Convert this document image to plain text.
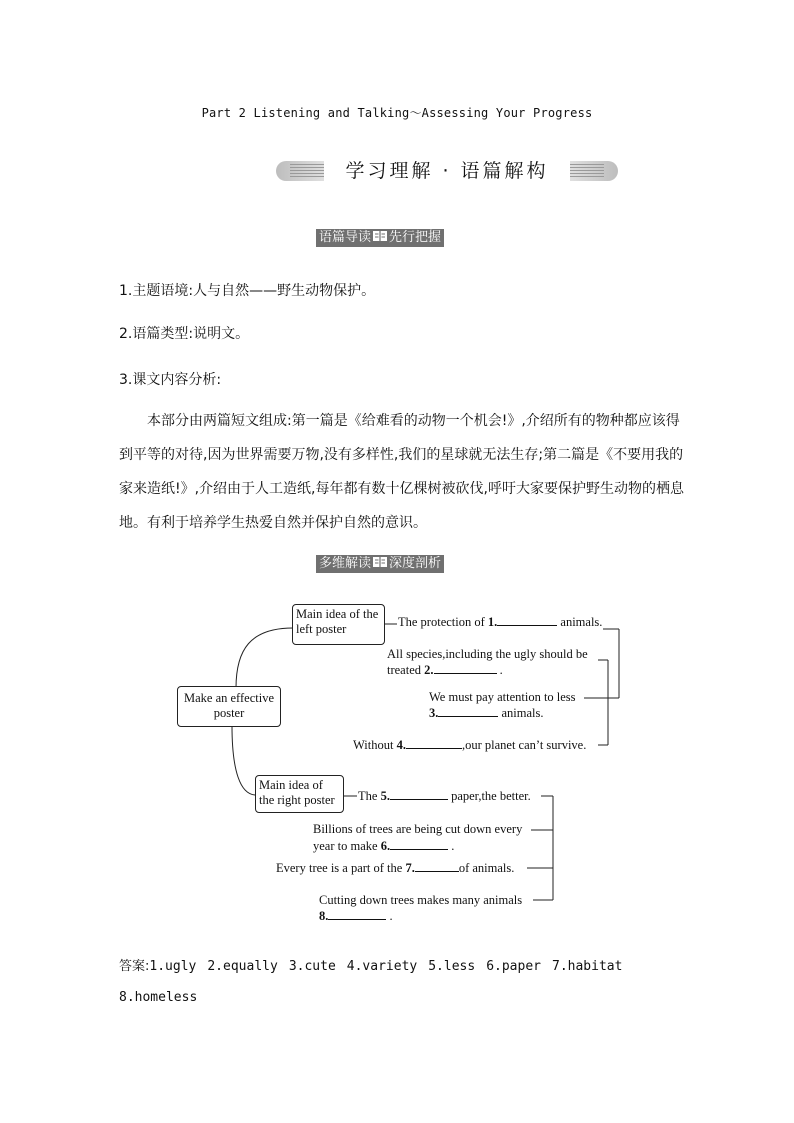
Part 2 Listening and Talking～Assessing Your Progress
学习理解 · 语篇解构
语篇导读 先行把握
1.主题语境:人与自然——野生动物保护。
2.语篇类型:说明文。
3.课文内容分析:
本部分由两篇短文组成:第一篇是《给难看的动物一个机会!》,介绍所有的物种都应该得到平等的对待,因为世界需要万物,没有多样性,我们的星球就无法生存;第二篇是《不要用我的家来造纸!》,介绍由于人工造纸,每年都有数十亿棵树被砍伐,呼吁大家要保护野生动物的栖息地。有利于培养学生热爱自然并保护自然的意识。
多维解读 深度剖析
Make an effective poster
Main idea of the left poster
Main idea of the right poster
The protection of 1.	animals.
All species,including the ugly should be
treated 2.	.
We must pay attention to less
3.	animals.
Without 4.	,our planet can’t survive.
The 5.	paper,the better.
Billions of trees are being cut down every
year to make 6.	.
Every tree is a part of the 7.	of animals.
Cutting down trees makes many animals
8.	.
答案:1.ugly 2.equally 3.cute 4.variety 5.less 6.paper 7.habitat
8.homeless
